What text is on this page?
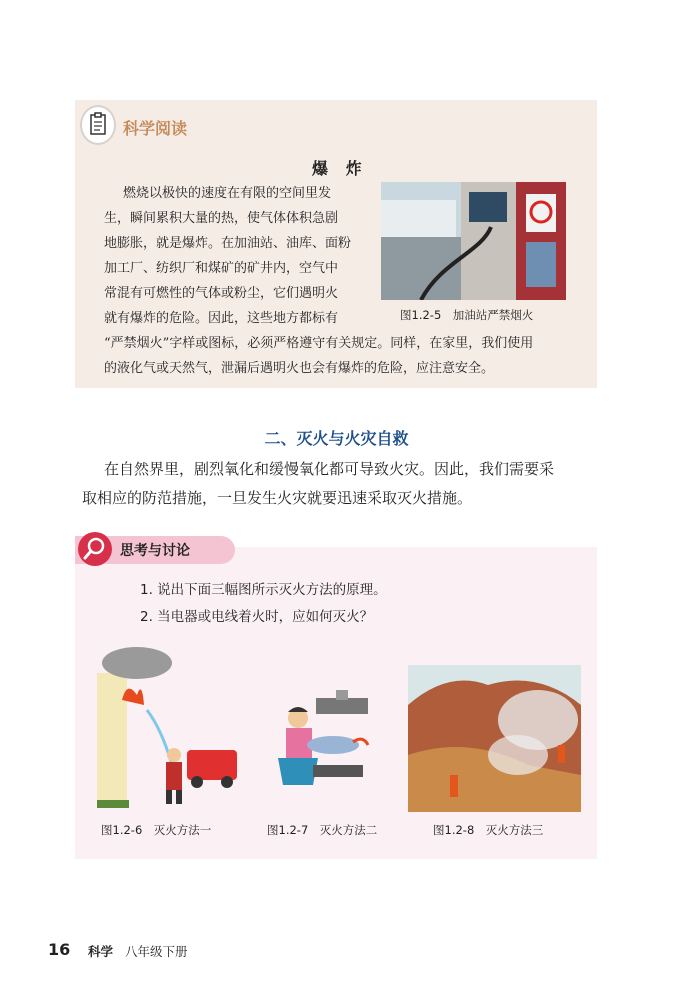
科学阅读
爆 炸
燃烧以极快的速度在有限的空间里发
生，瞬间累积大量的热，使气体体积急剧
地膨胀，就是爆炸。在加油站、油库、面粉
加工厂、纺织厂和煤矿的矿井内，空气中
常混有可燃性的气体或粉尘，它们遇明火
就有爆炸的危险。因此，这些地方都标有
“严禁烟火”字样或图标，必须严格遵守有关规定。同样，在家里，我们使用
的液化气或天然气，泄漏后遇明火也会有爆炸的危险，应注意安全。
图1.2-5　加油站严禁烟火
二、灭火与火灾自救
在自然界里，剧烈氧化和缓慢氧化都可导致火灾。因此，我们需要采
取相应的防范措施，一旦发生火灾就要迅速采取灭火措施。
思考与讨论
1. 说出下面三幅图所示灭火方法的原理。
2. 当电器或电线着火时，应如何灭火？
图1.2-6　灭火方法一	图1.2-7　灭火方法二	图1.2-8　灭火方法三
16 科学 八年级下册
